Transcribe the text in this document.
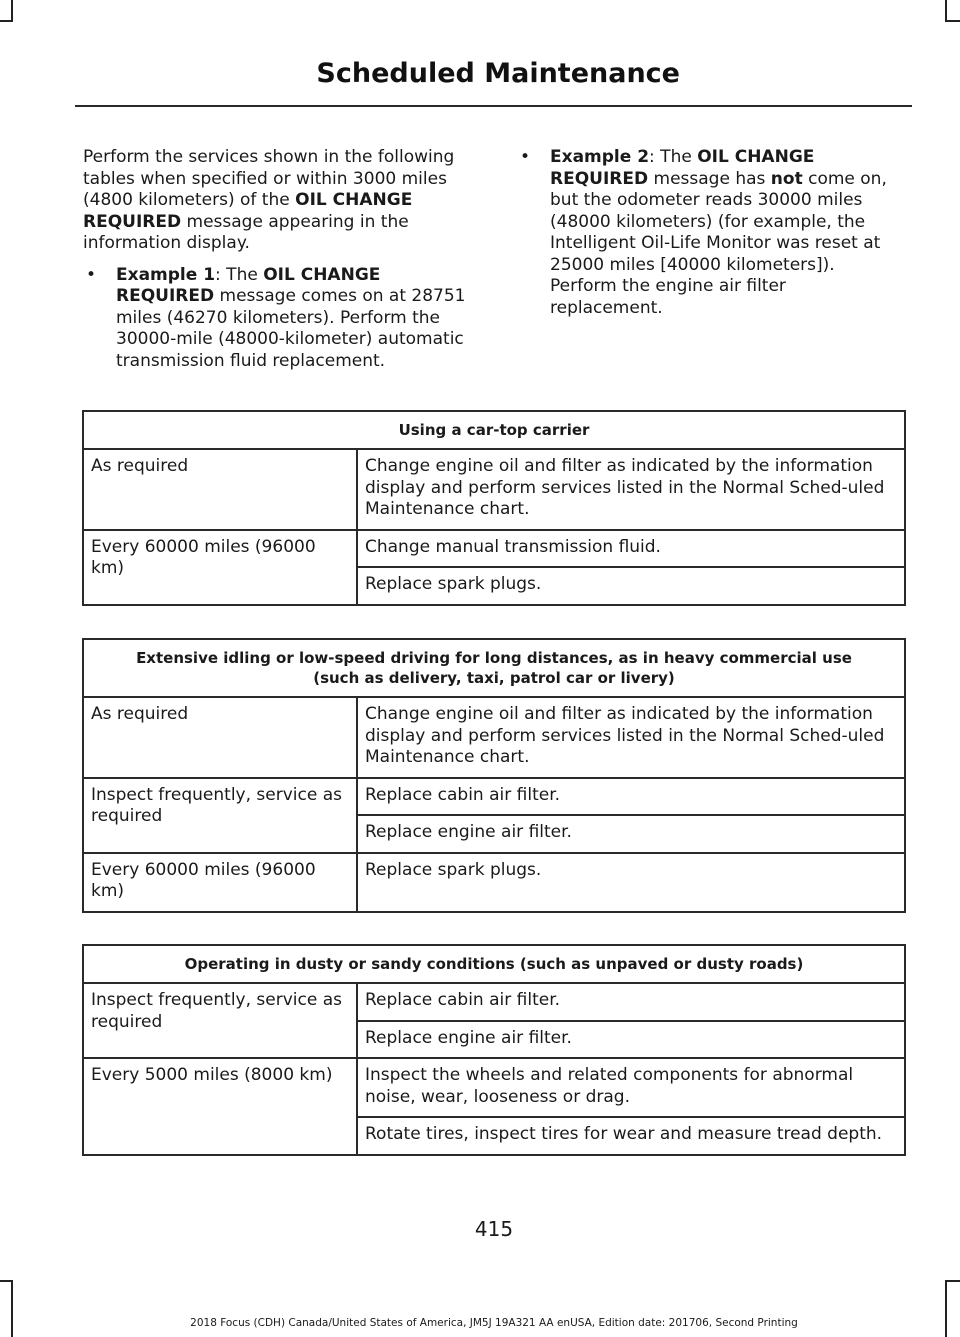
Scheduled Maintenance

Perform the services shown in the following tables when specified or within 3000 miles (4800 kilometers) of the OIL CHANGE REQUIRED message appearing in the information display.

• Example 1: The OIL CHANGE REQUIRED message comes on at 28751 miles (46270 kilometers). Perform the 30000-mile (48000-kilometer) automatic transmission fluid replacement.
• Example 2: The OIL CHANGE REQUIRED message has not come on, but the odometer reads 30000 miles (48000 kilometers) (for example, the Intelligent Oil-Life Monitor was reset at 25000 miles [40000 kilometers]). Perform the engine air filter replacement.
Using a car-top carrier	
As required	Change engine oil and filter as indicated by the information display and perform services listed in the Normal Sched-uled Maintenance chart.
Every 60000 miles (96000 km)	Change manual transmission fluid.
	Replace spark plugs.
Extensive idling or low-speed driving for long distances, as in heavy commercial use
(such as delivery, taxi, patrol car or livery)	
As required	Change engine oil and filter as indicated by the information display and perform services listed in the Normal Sched-uled Maintenance chart.
Inspect frequently, service as required	Replace cabin air filter.
	Replace engine air filter.
Every 60000 miles (96000 km)	Replace spark plugs.
Operating in dusty or sandy conditions (such as unpaved or dusty roads)	
Inspect frequently, service as required	Replace cabin air filter.
	Replace engine air filter.
Every 5000 miles (8000 km)	Inspect the wheels and related components for abnormal noise, wear, looseness or drag.
	Rotate tires, inspect tires for wear and measure tread depth.
415
2018 Focus (CDH) Canada/United States of America, JM5J 19A321 AA enUSA, Edition date: 201706, Second Printing
